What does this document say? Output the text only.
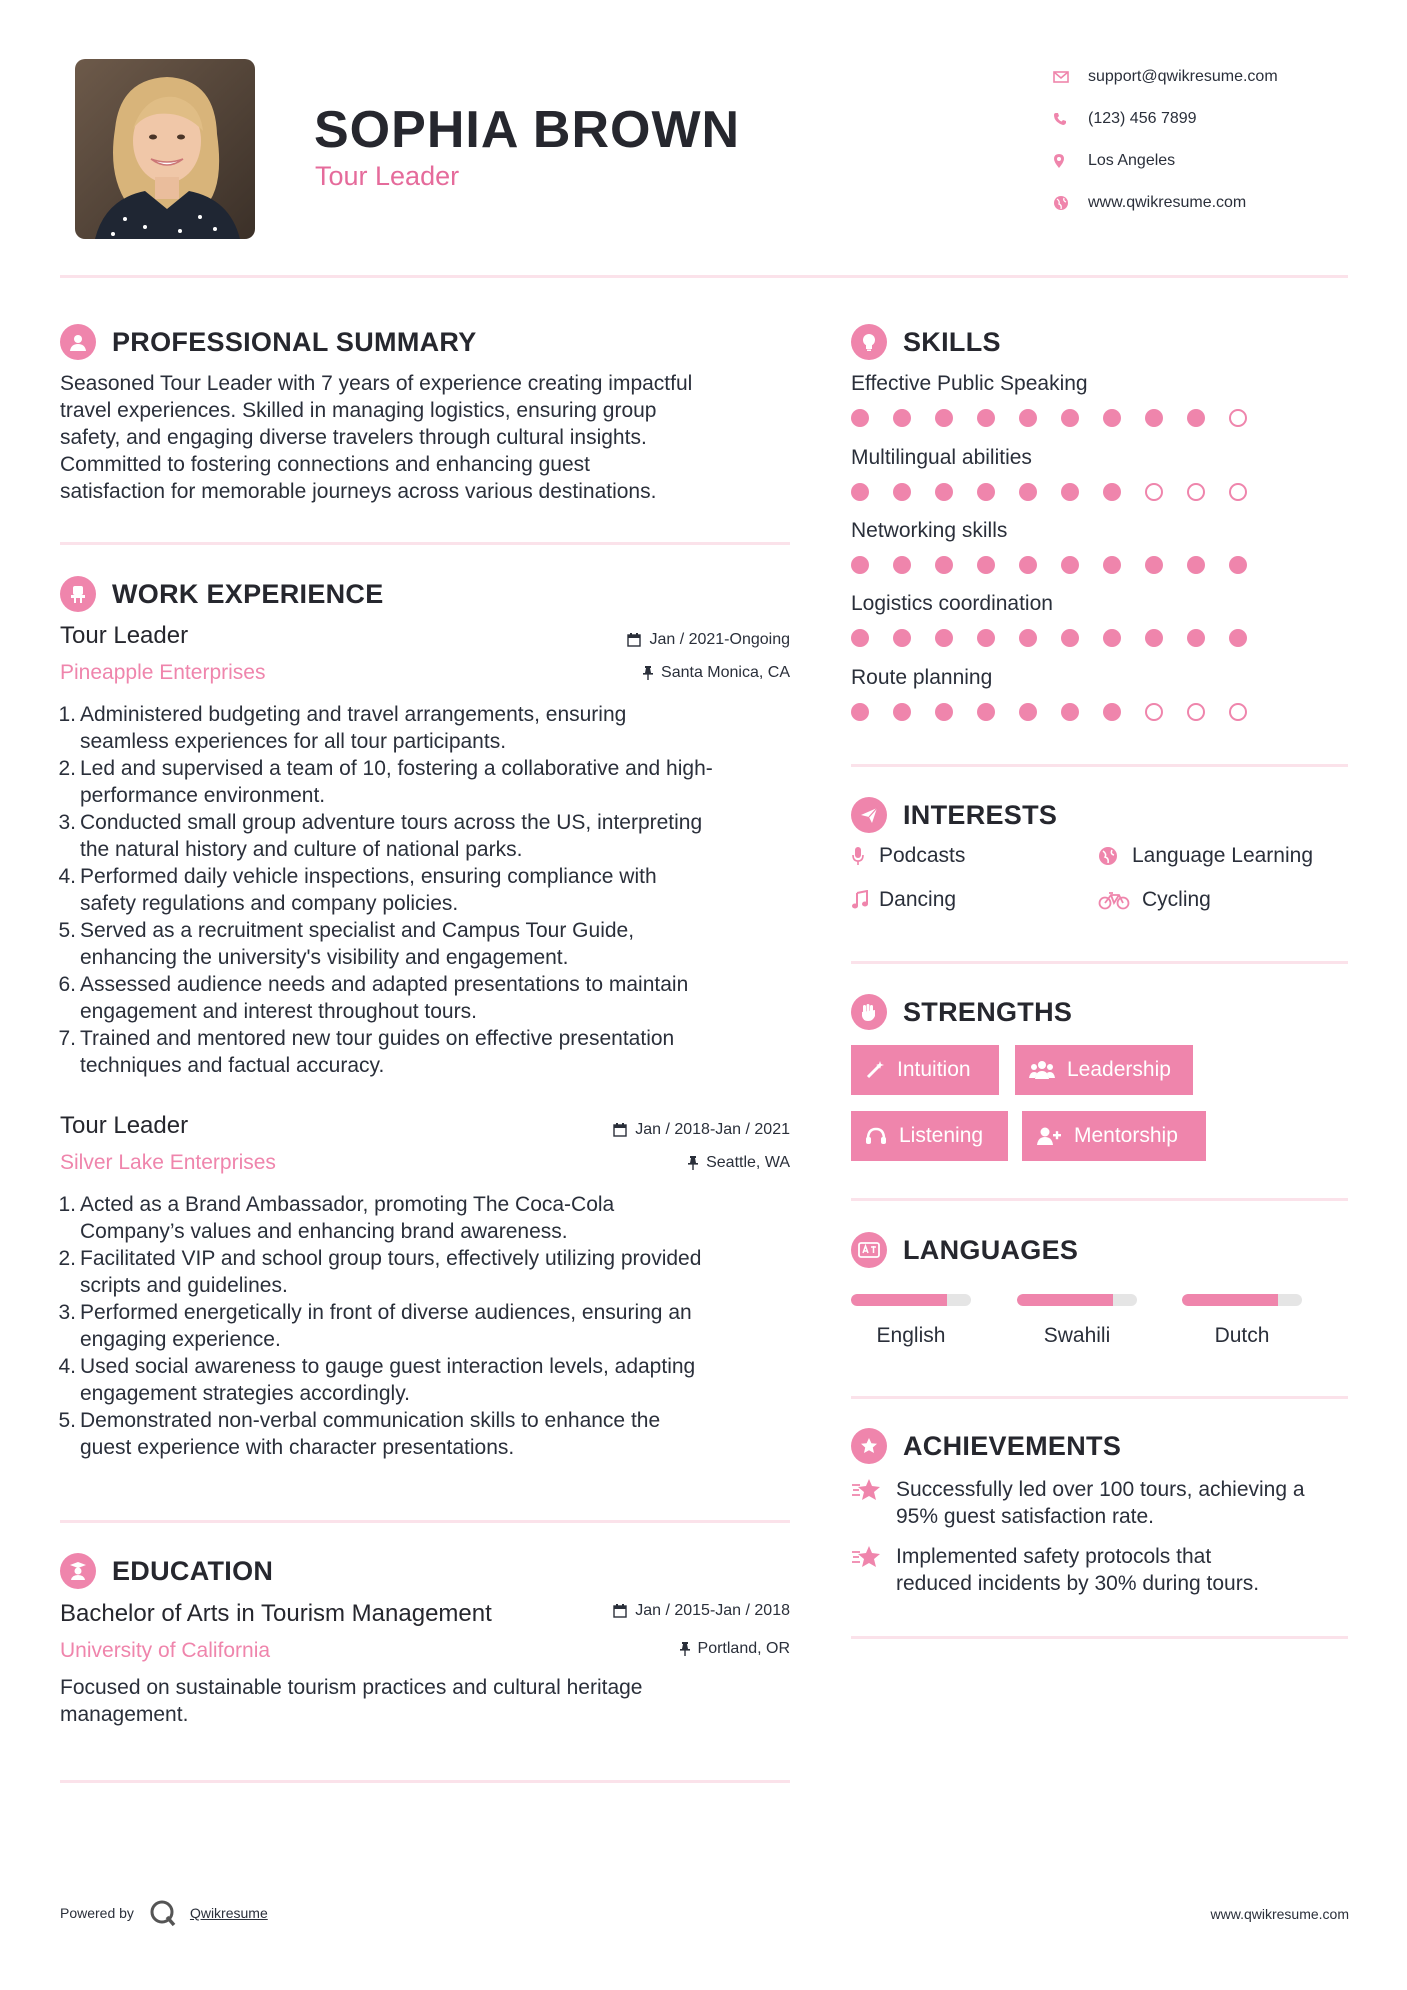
SOPHIA BROWN
Tour Leader
support@qwikresume.com
(123) 456 7899
Los Angeles
www.qwikresume.com
PROFESSIONAL SUMMARY
Seasoned Tour Leader with 7 years of experience creating impactful
travel experiences. Skilled in managing logistics, ensuring group
safety, and engaging diverse travelers through cultural insights.
Committed to fostering connections and enhancing guest
satisfaction for memorable journeys across various destinations.
WORK EXPERIENCE
Tour Leader
Pineapple Enterprises
Jan / 2021-Ongoing
Santa Monica, CA
1. Administered budgeting and travel arrangements, ensuring
seamless experiences for all tour participants.
2. Led and supervised a team of 10, fostering a collaborative and high-
performance environment.
3. Conducted small group adventure tours across the US, interpreting
the natural history and culture of national parks.
4. Performed daily vehicle inspections, ensuring compliance with
safety regulations and company policies.
5. Served as a recruitment specialist and Campus Tour Guide,
enhancing the university's visibility and engagement.
6. Assessed audience needs and adapted presentations to maintain
engagement and interest throughout tours.
7. Trained and mentored new tour guides on effective presentation
techniques and factual accuracy.
Tour Leader
Silver Lake Enterprises
Jan / 2018-Jan / 2021
Seattle, WA
1. Acted as a Brand Ambassador, promoting The Coca-Cola
Company’s values and enhancing brand awareness.
2. Facilitated VIP and school group tours, effectively utilizing provided
scripts and guidelines.
3. Performed energetically in front of diverse audiences, ensuring an
engaging experience.
4. Used social awareness to gauge guest interaction levels, adapting
engagement strategies accordingly.
5. Demonstrated non-verbal communication skills to enhance the
guest experience with character presentations.
EDUCATION
Bachelor of Arts in Tourism Management
University of California
Jan / 2015-Jan / 2018
Portland, OR
Focused on sustainable tourism practices and cultural heritage
management.
SKILLS
Effective Public Speaking
Multilingual abilities
Networking skills
Logistics coordination
Route planning
INTERESTS
Podcasts	Language Learning
Dancing	Cycling
STRENGTHS
Intuition	Leadership
Listening	Mentorship
LANGUAGES
English	Swahili	Dutch
ACHIEVEMENTS
Successfully led over 100 tours, achieving a
95% guest satisfaction rate.
Implemented safety protocols that
reduced incidents by 30% during tours.
Powered by	Qwikresume	www.qwikresume.com
